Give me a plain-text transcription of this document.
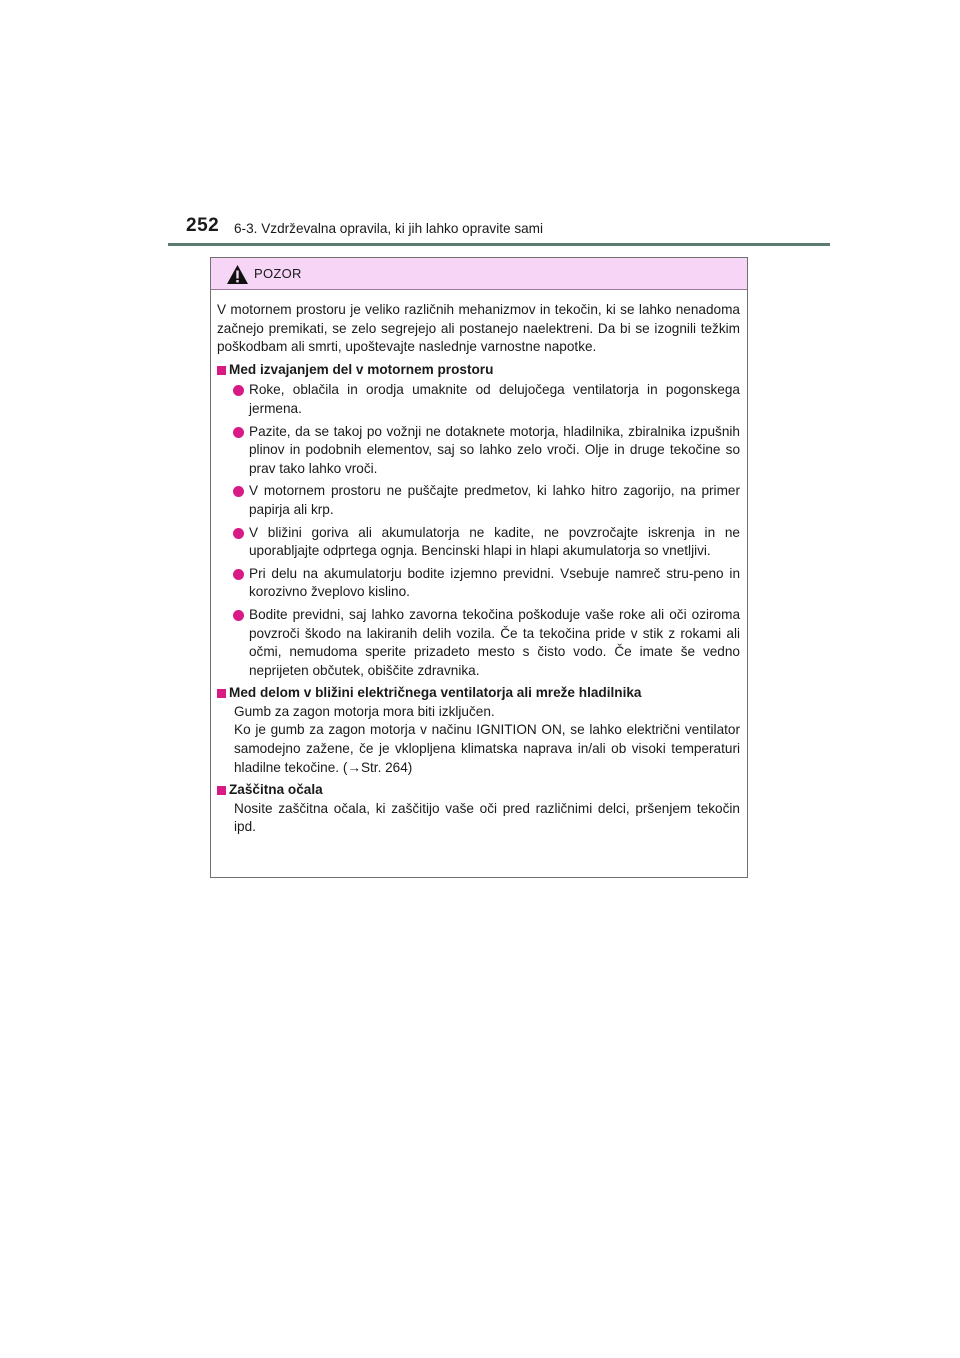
252 6-3. Vzdrževalna opravila, ki jih lahko opravite sami
POZOR

V motornem prostoru je veliko različnih mehanizmov in tekočin, ki se lahko nenadoma začnejo premikati, se zelo segrejejo ali postanejo naelektreni. Da bi se izognili težkim poškodbam ali smrti, upoštevajte naslednje varnostne napotke.

Med izvajanjem del v motornem prostoru

Roke, oblačila in orodja umaknite od delujočega ventilatorja in pogonskega jermena.
Pazite, da se takoj po vožnji ne dotaknete motorja, hladilnika, zbiralnika izpušnih plinov in podobnih elementov, saj so lahko zelo vroči. Olje in druge tekočine so prav tako lahko vroči.
V motornem prostoru ne puščajte predmetov, ki lahko hitro zagorijo, na primer papirja ali krp.
V bližini goriva ali akumulatorja ne kadite, ne povzročajte iskrenja in ne uporabljajte odprtega ognja. Bencinski hlapi in hlapi akumulatorja so vnetljivi.
Pri delu na akumulatorju bodite izjemno previdni. Vsebuje namreč stru-peno in korozivno žveplovo kislino.
Bodite previdni, saj lahko zavorna tekočina poškoduje vaše roke ali oči oziroma povzroči škodo na lakiranih delih vozila. Če ta tekočina pride v stik z rokami ali očmi, nemudoma sperite prizadeto mesto s čisto vodo. Če imate še vedno neprijeten občutek, obiščite zdravnika.

Med delom v bližini električnega ventilatorja ali mreže hladilnika

Gumb za zagon motorja mora biti izključen.
Ko je gumb za zagon motorja v načinu IGNITION ON, se lahko električni ventilator samodejno zažene, če je vklopljena klimatska naprava in/ali ob visoki temperaturi hladilne tekočine. (→Str. 264)

Zaščitna očala

Nosite zaščitna očala, ki zaščitijo vaše oči pred različnimi delci, pršenjem tekočin ipd.
